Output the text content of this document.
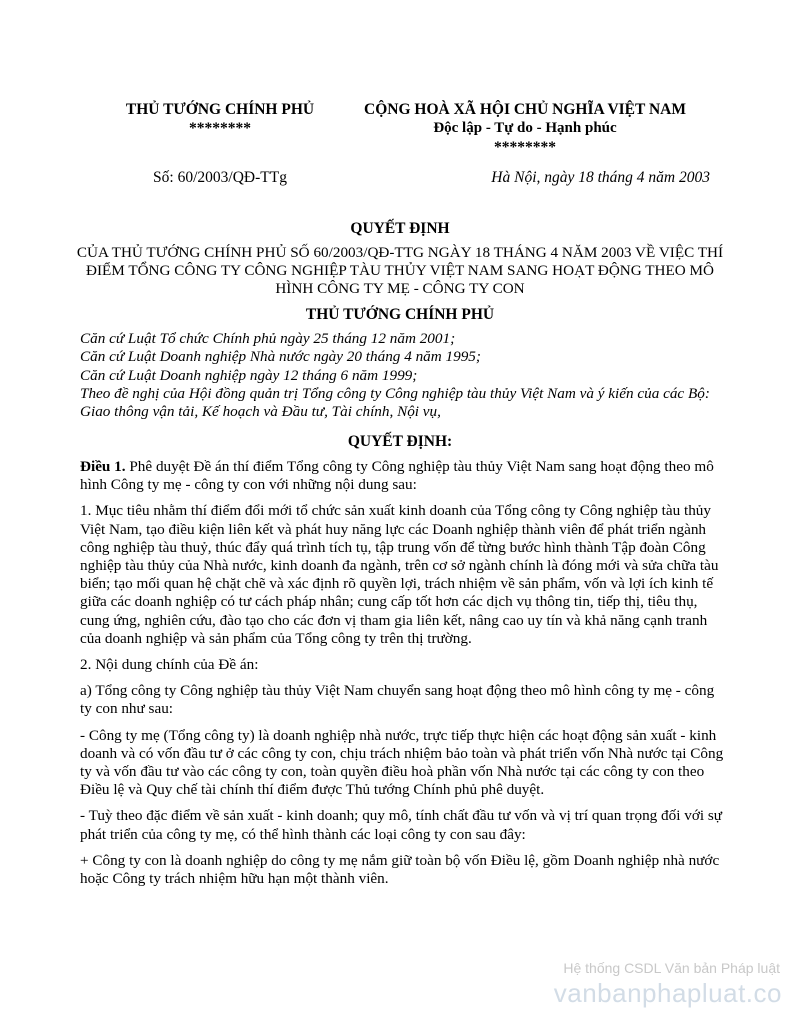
THỦ TƯỚNG CHÍNH PHỦ
********
CỘNG HOÀ XÃ HỘI CHỦ NGHĨA VIỆT NAM
Độc lập - Tự do - Hạnh phúc
********
Số: 60/2003/QĐ-TTg	Hà Nội, ngày 18 tháng 4 năm 2003
QUYẾT ĐỊNH
CỦA THỦ TƯỚNG CHÍNH PHỦ SỐ 60/2003/QĐ-TTG NGÀY 18 THÁNG 4 NĂM 2003 VỀ VIỆC THÍ ĐIỂM TỔNG CÔNG TY CÔNG NGHIỆP TÀU THỦY VIỆT NAM SANG HOẠT ĐỘNG THEO MÔ HÌNH CÔNG TY MẸ - CÔNG TY CON
THỦ TƯỚNG CHÍNH PHỦ
Căn cứ Luật Tổ chức Chính phủ ngày 25 tháng 12 năm 2001;
Căn cứ Luật Doanh nghiệp Nhà nước ngày 20 tháng 4 năm 1995;
Căn cứ Luật Doanh nghiệp ngày 12 tháng 6 năm 1999;
Theo đề nghị của Hội đồng quản trị Tổng công ty Công nghiệp tàu thủy Việt Nam và ý kiến của các Bộ: Giao thông vận tải, Kế hoạch và Đầu tư, Tài chính, Nội vụ,
QUYẾT ĐỊNH:

Điều 1. Phê duyệt Đề án thí điểm Tổng công ty Công nghiệp tàu thủy Việt Nam sang hoạt động theo mô hình Công ty mẹ - công ty con với những nội dung sau:

1. Mục tiêu nhằm thí điểm đổi mới tổ chức sản xuất kinh doanh của Tổng công ty Công nghiệp tàu thủy Việt Nam, tạo điều kiện liên kết và phát huy năng lực các Doanh nghiệp thành viên để phát triển ngành công nghiệp tàu thuỷ, thúc đẩy quá trình tích tụ, tập trung vốn để từng bước hình thành Tập đoàn Công nghiệp tàu thủy của Nhà nước, kinh doanh đa ngành, trên cơ sở ngành chính là đóng mới và sửa chữa tàu biển; tạo mối quan hệ chặt chẽ và xác định rõ quyền lợi, trách nhiệm về sản phẩm, vốn và lợi ích kinh tế giữa các doanh nghiệp có tư cách pháp nhân; cung cấp tốt hơn các dịch vụ thông tin, tiếp thị, tiêu thụ, cung ứng, nghiên cứu, đào tạo cho các đơn vị tham gia liên kết, nâng cao uy tín và khả năng cạnh tranh của doanh nghiệp và sản phẩm của Tổng công ty trên thị trường.

2. Nội dung chính của Đề án:

a) Tổng công ty Công nghiệp tàu thủy Việt Nam chuyển sang hoạt động theo mô hình công ty mẹ - công ty con như sau:

- Công ty mẹ (Tổng công ty) là doanh nghiệp nhà nước, trực tiếp thực hiện các hoạt động sản xuất - kinh doanh và có vốn đầu tư ở các công ty con, chịu trách nhiệm bảo toàn và phát triển vốn Nhà nước tại Công ty và vốn đầu tư vào các công ty con, toàn quyền điều hoà phần vốn Nhà nước tại các công ty con theo Điều lệ và Quy chế tài chính thí điểm được Thủ tướng Chính phủ phê duyệt.

- Tuỳ theo đặc điểm về sản xuất - kinh doanh; quy mô, tính chất đầu tư vốn và vị trí quan trọng đối với sự phát triển của công ty mẹ, có thể hình thành các loại công ty con sau đây:

+ Công ty con là doanh nghiệp do công ty mẹ nắm giữ toàn bộ vốn Điều lệ, gồm Doanh nghiệp nhà nước hoặc Công ty trách nhiệm hữu hạn một thành viên.

Hệ thống CSDL Văn bản Pháp luật
vanbanphapluat.co
